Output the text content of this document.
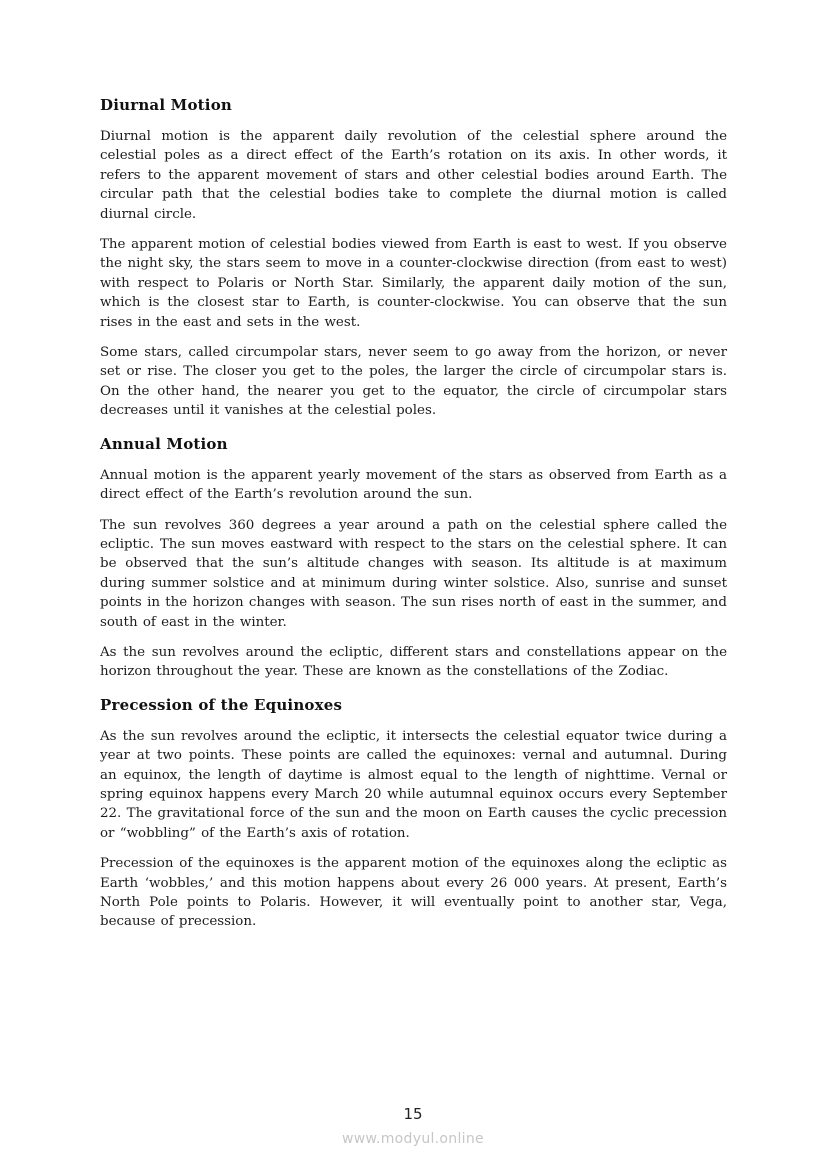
Diurnal Motion

Diurnal motion is the apparent daily revolution of the celestial sphere around the celestial poles as a direct effect of the Earth’s rotation on its axis. In other words, it refers to the apparent movement of stars and other celestial bodies around Earth. The circular path that the celestial bodies take to complete the diurnal motion is called diurnal circle.

The apparent motion of celestial bodies viewed from Earth is east to west. If you observe the night sky, the stars seem to move in a counter-clockwise direction (from east to west) with respect to Polaris or North Star. Similarly, the apparent daily motion of the sun, which is the closest star to Earth, is counter-clockwise. You can observe that the sun rises in the east and sets in the west.

Some stars, called circumpolar stars, never seem to go away from the horizon, or never set or rise. The closer you get to the poles, the larger the circle of circumpolar stars is. On the other hand, the nearer you get to the equator, the circle of circumpolar stars decreases until it vanishes at the celestial poles.

Annual Motion

Annual motion is the apparent yearly movement of the stars as observed from Earth as a direct effect of the Earth’s revolution around the sun.

The sun revolves 360 degrees a year around a path on the celestial sphere called the ecliptic. The sun moves eastward with respect to the stars on the celestial sphere. It can be observed that the sun’s altitude changes with season. Its altitude is at maximum during summer solstice and at minimum during winter solstice. Also, sunrise and sunset points in the horizon changes with season. The sun rises north of east in the summer, and south of east in the winter.

As the sun revolves around the ecliptic, different stars and constellations appear on the horizon throughout the year. These are known as the constellations of the Zodiac.

Precession of the Equinoxes

As the sun revolves around the ecliptic, it intersects the celestial equator twice during a year at two points. These points are called the equinoxes: vernal and autumnal. During an equinox, the length of daytime is almost equal to the length of nighttime. Vernal or spring equinox happens every March 20 while autumnal equinox occurs every September 22. The gravitational force of the sun and the moon on Earth causes the cyclic precession or “wobbling” of the Earth’s axis of rotation.

Precession of the equinoxes is the apparent motion of the equinoxes along the ecliptic as Earth ‘wobbles,’ and this motion happens about every 26 000 years. At present, Earth’s North Pole points to Polaris. However, it will eventually point to another star, Vega, because of precession.

15
www.modyul.online
